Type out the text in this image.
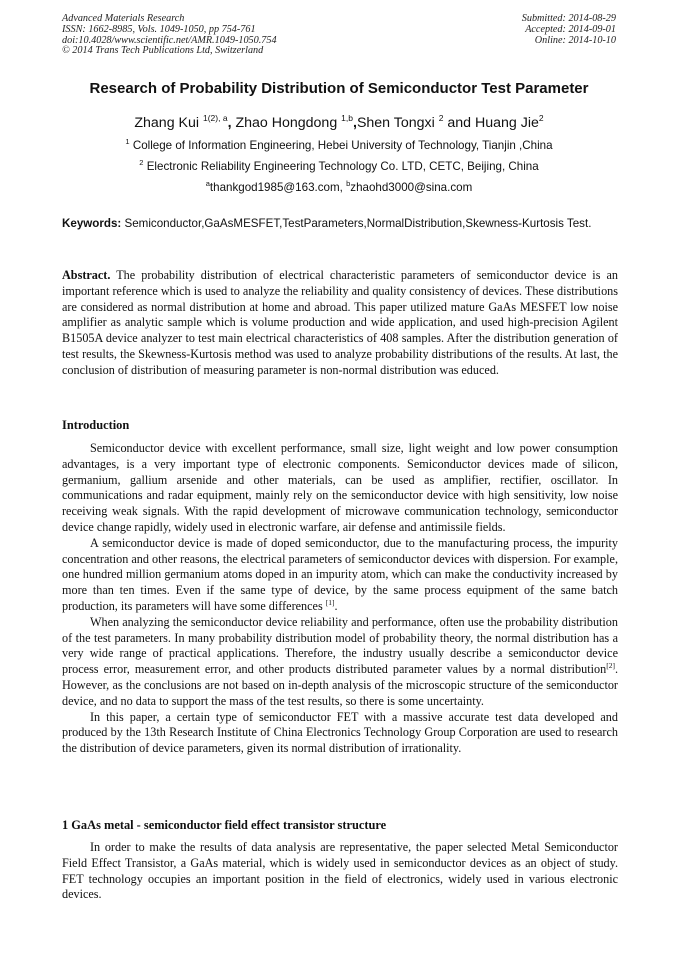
Advanced Materials Research
ISSN: 1662-8985, Vols. 1049-1050, pp 754-761
doi:10.4028/www.scientific.net/AMR.1049-1050.754
© 2014 Trans Tech Publications Ltd, Switzerland
Submitted: 2014-08-29
Accepted: 2014-09-01
Online: 2014-10-10
Research of Probability Distribution of Semiconductor Test Parameter
Zhang Kui $^{1(2), a}$, Zhao Hongdong $^{1,b}$,Shen Tongxi $^2$ and Huang Jie$^2$
$^1$ College of Information Engineering, Hebei University of Technology, Tianjin ,China
$^2$ Electronic Reliability Engineering Technology Co. LTD, CETC, Beijing, China
$^a$thankgod1985@163.com, $^b$zhaohd3000@sina.com
Keywords: Semiconductor,GaAsMESFET,TestParameters,NormalDistribution,Skewness-Kurtosis Test.
Abstract. The probability distribution of electrical characteristic parameters of semiconductor device is an important reference which is used to analyze the reliability and quality consistency of devices. These distributions are considered as normal distribution at home and abroad. This paper utilized mature GaAs MESFET low noise amplifier as analytic sample which is volume production and wide application, and used high-precision Agilent B1505A device analyzer to test main electrical characteristics of 408 samples. After the distribution generation of test results, the Skewness-Kurtosis method was used to analyze probability distributions of the results. At last, the conclusion of distribution of measuring parameter is non-normal distribution was educed.
Introduction

Semiconductor device with excellent performance, small size, light weight and low power consumption advantages, is a very important type of electronic components. Semiconductor devices made of silicon, germanium, gallium arsenide and other materials, can be used as amplifier, rectifier, oscillator. In communications and radar equipment, mainly rely on the semiconductor device with high sensitivity, low noise receiving weak signals. With the rapid development of microwave communication technology, semiconductor device change rapidly, widely used in electronic warfare, air defense and antimissile fields.

A semiconductor device is made of doped semiconductor, due to the manufacturing process, the impurity concentration and other reasons, the electrical parameters of semiconductor devices with dispersion. For example, one hundred million germanium atoms doped in an impurity atom, which can make the conductivity increased by more than ten times. Even if the same type of device, by the same process equipment of the same batch production, its parameters will have some differences [1].

When analyzing the semiconductor device reliability and performance, often use the probability distribution of the test parameters. In many probability distribution model of probability theory, the normal distribution has a very wide range of practical applications. Therefore, the industry usually describe a semiconductor device process error, measurement error, and other products distributed parameter values by a normal distribution[2]. However, as the conclusions are not based on in-depth analysis of the microscopic structure of the semiconductor device, and no data to support the mass of the test results, so there is some uncertainty.

In this paper, a certain type of semiconductor FET with a massive accurate test data developed and produced by the 13th Research Institute of China Electronics Technology Group Corporation are used to research the distribution of device parameters, given its normal distribution of irrationality.

1 GaAs metal - semiconductor field effect transistor structure

In order to make the results of data analysis are representative, the paper selected Metal Semiconductor Field Effect Transistor, a GaAs material, which is widely used in semiconductor devices as an object of study. FET technology occupies an important position in the field of electronics, widely used in various electronic devices.
